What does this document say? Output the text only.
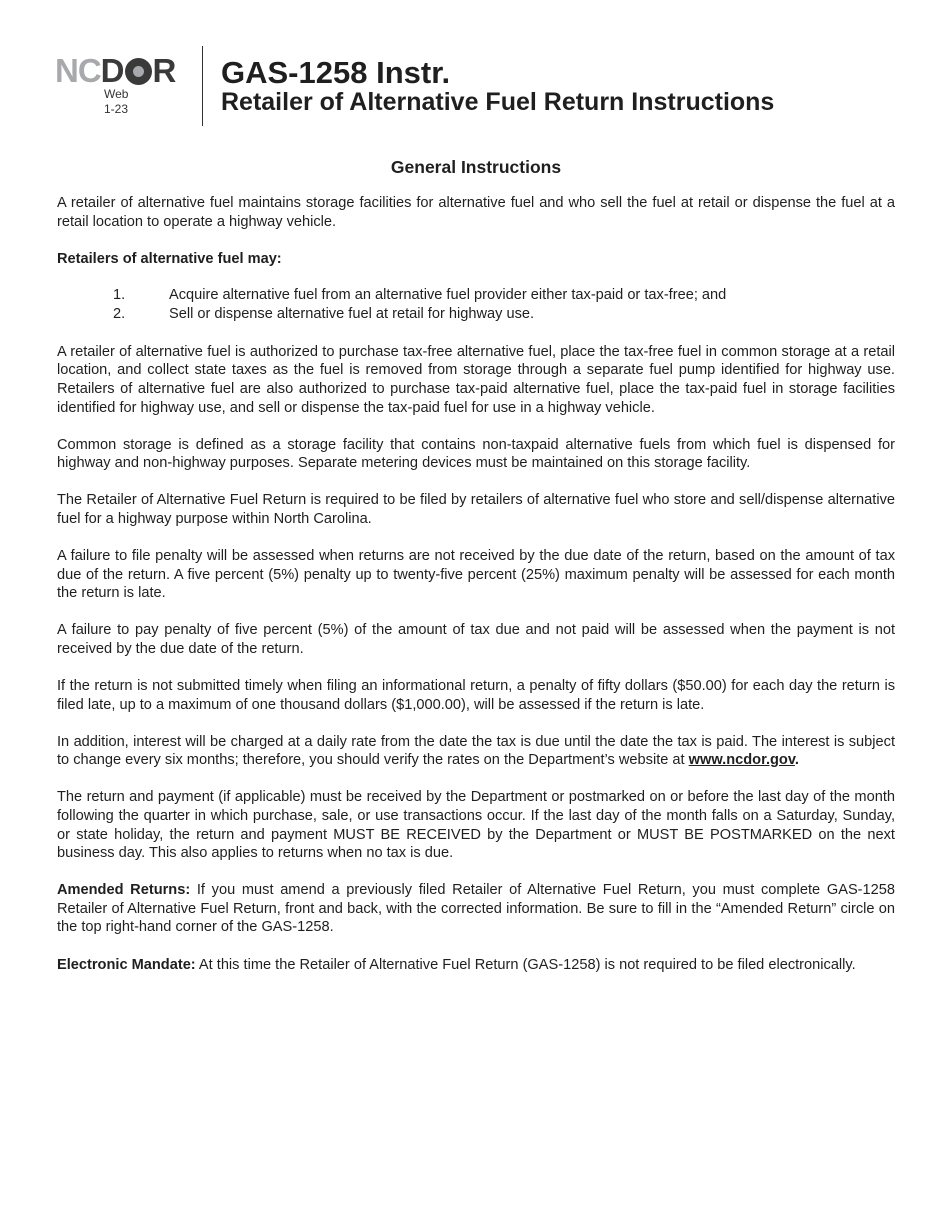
NCD R
Web
1-23
GAS-1258 Instr.
Retailer of Alternative Fuel Return Instructions
General Instructions

A retailer of alternative fuel maintains storage facilities for alternative fuel and who sell the fuel at retail or dispense the fuel at a retail location to operate a highway vehicle.

Retailers of alternative fuel may:

1.	Acquire alternative fuel from an alternative fuel provider either tax-paid or tax-free; and
2.	Sell or dispense alternative fuel at retail for highway use.

A retailer of alternative fuel is authorized to purchase tax-free alternative fuel, place the tax-free fuel in common storage at a retail location, and collect state taxes as the fuel is removed from storage through a separate fuel pump identified for highway use. Retailers of alternative fuel are also authorized to purchase tax-paid alternative fuel, place the tax-paid fuel in storage facilities identified for highway use, and sell or dispense the tax-paid fuel for use in a highway vehicle.

Common storage is defined as a storage facility that contains non-taxpaid alternative fuels from which fuel is dispensed for highway and non-highway purposes. Separate metering devices must be maintained on this storage facility.

The Retailer of Alternative Fuel Return is required to be filed by retailers of alternative fuel who store and sell/dispense alternative fuel for a highway purpose within North Carolina.

A failure to file penalty will be assessed when returns are not received by the due date of the return, based on the amount of tax due of the return. A five percent (5%) penalty up to twenty-five percent (25%) maximum penalty will be assessed for each month the return is late.

A failure to pay penalty of five percent (5%) of the amount of tax due and not paid will be assessed when the payment is not received by the due date of the return.

If the return is not submitted timely when filing an informational return, a penalty of fifty dollars ($50.00) for each day the return is filed late, up to a maximum of one thousand dollars ($1,000.00), will be assessed if the return is late.

In addition, interest will be charged at a daily rate from the date the tax is due until the date the tax is paid. The interest is subject to change every six months; therefore, you should verify the rates on the Department’s website at www.ncdor.gov.

The return and payment (if applicable) must be received by the Department or postmarked on or before the last day of the month following the quarter in which purchase, sale, or use transactions occur. If the last day of the month falls on a Saturday, Sunday, or state holiday, the return and payment MUST BE RECEIVED by the Department or MUST BE POSTMARKED on the next business day. This also applies to returns when no tax is due.

Amended Returns: If you must amend a previously filed Retailer of Alternative Fuel Return, you must complete GAS-1258 Retailer of Alternative Fuel Return, front and back, with the corrected information. Be sure to fill in the “Amended Return” circle on the top right-hand corner of the GAS-1258.

Electronic Mandate: At this time the Retailer of Alternative Fuel Return (GAS-1258) is not required to be filed electronically.
